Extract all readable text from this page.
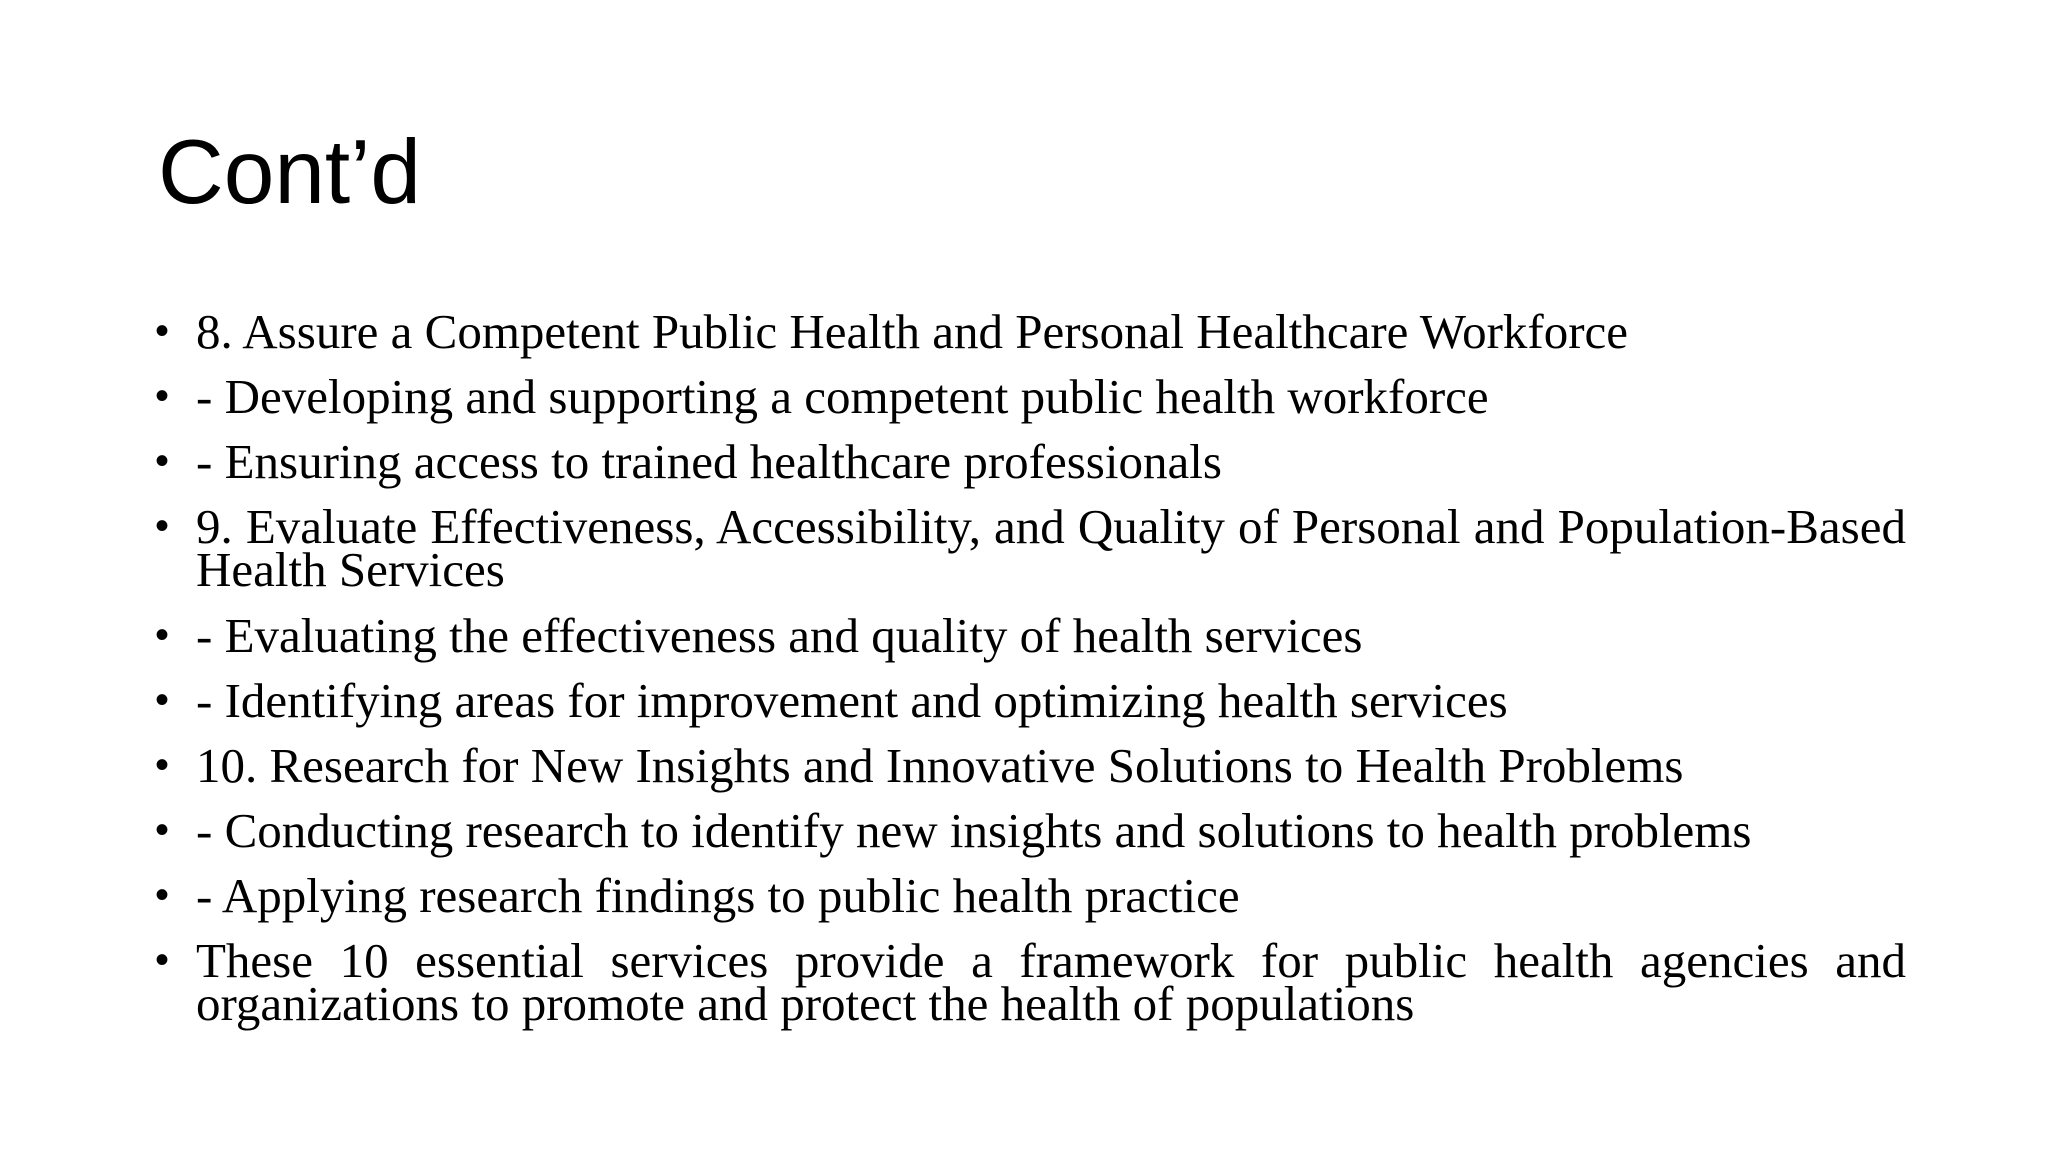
Cont’d
• 8. Assure a Competent Public Health and Personal Healthcare Workforce
• - Developing and supporting a competent public health workforce
• - Ensuring access to trained healthcare professionals
• 9. Evaluate Effectiveness, Accessibility, and Quality of Personal and Population-Based Health Services
• - Evaluating the effectiveness and quality of health services
• - Identifying areas for improvement and optimizing health services
• 10. Research for New Insights and Innovative Solutions to Health Problems
• - Conducting research to identify new insights and solutions to health problems
• - Applying research findings to public health practice
• These 10 essential services provide a framework for public health agencies and organizations to promote and protect the health of populations
